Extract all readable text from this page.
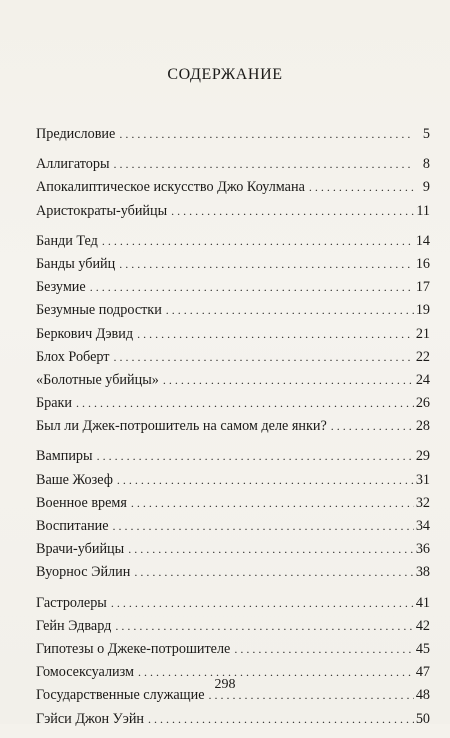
СОДЕРЖАНИЕ
Предисловие . . .	5
Аллигаторы . . .	8
Апокалиптическое искусство Джо Коулмана . . .	9
Аристократы-убийцы . . .	11
Банди Тед . . .	14
Банды убийц . . .	16
Безумие . . .	17
Безумные подростки . . .	19
Беркович Дэвид . . .	21
Блох Роберт . . .	22
«Болотные убийцы» . . .	24
Браки . . .	26
Был ли Джек-потрошитель на самом деле янки? . . .	28
Вампиры . . .	29
Ваше Жозеф . . .	31
Военное время . . .	32
Воспитание . . .	34
Врачи-убийцы . . .	36
Вуорнос Эйлин . . .	38
Гастролеры . . .	41
Гейн Эдвард . . .	42
Гипотезы о Джеке-потрошителе . . .	45
Гомосексуализм . . .	47
Государственные служащие . . .	48
Гэйси Джон Уэйн . . .	50
298
